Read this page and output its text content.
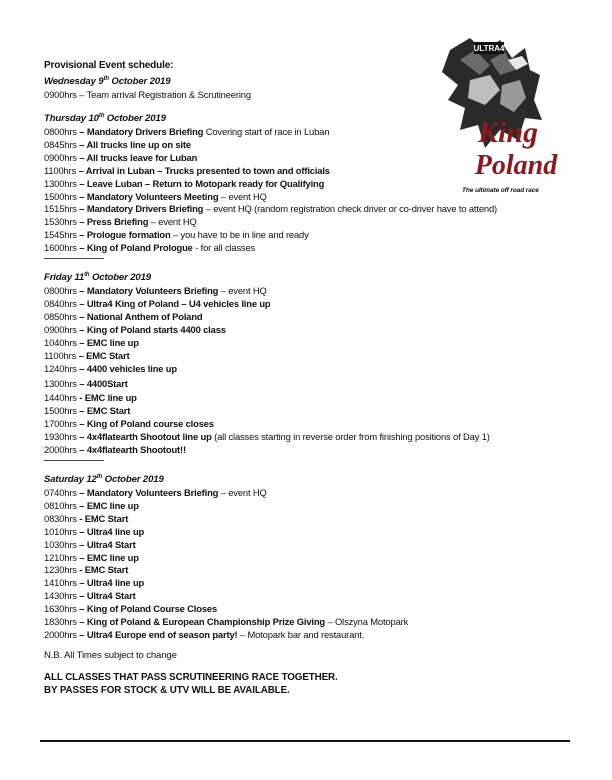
ULTRA4
King
Poland
The ultimate off road race
Provisional Event schedule:
Wednesday 9th October 2019
0900hrs – Team arrival Registration & Scrutineering
Thursday 10th October 2019
0800hrs – Mandatory Drivers Briefing Covering start of race in Luban
0845hrs – All trucks line up on site
0900hrs – All trucks leave for Luban
1100hrs – Arrival in Luban – Trucks presented to town and officials
1300hrs – Leave Luban – Return to Motopark ready for Qualifying
1500hrs – Mandatory Volunteers Meeting – event HQ
1515hrs – Mandatory Drivers Briefing – event HQ (random registration check driver or co-driver have to attend)
1530hrs – Press Briefing – event HQ
1545hrs – Prologue formation – you have to be in line and ready
1600hrs – King of Poland Prologue - for all classes
Friday 11th October 2019
0800hrs – Mandatory Volunteers Briefing – event HQ
0840hrs – Ultra4 King of Poland – U4 vehicles line up
0850hrs – National Anthem of Poland
0900hrs – King of Poland starts 4400 class
1040hrs – EMC line up
1100hrs – EMC Start
1240hrs – 4400 vehicles line up
1300hrs – 4400Start
1440hrs - EMC line up
1500hrs – EMC Start
1700hrs – King of Poland course closes
1930hrs – 4x4flatearth Shootout line up (all classes starting in reverse order from finishing positions of Day 1)
2000hrs – 4x4flatearth Shootout!!
Saturday 12th October 2019
0740hrs – Mandatory Volunteers Briefing – event HQ
0810hrs – EMC line up
0830hrs - EMC Start
1010hrs – Ultra4 line up
1030hrs – Ultra4 Start
1210hrs – EMC line up
1230hrs - EMC Start
1410hrs – Ultra4 line up
1430hrs – Ultra4 Start
1630hrs – King of Poland Course Closes
1830hrs – King of Poland & European Championship Prize Giving – Olszyna Motopark
2000hrs – Ultra4 Europe end of season party! – Motopark bar and restaurant.
N.B. All Times subject to change
ALL CLASSES THAT PASS SCRUTINEERING RACE TOGETHER.
BY PASSES FOR STOCK & UTV WILL BE AVAILABLE.
